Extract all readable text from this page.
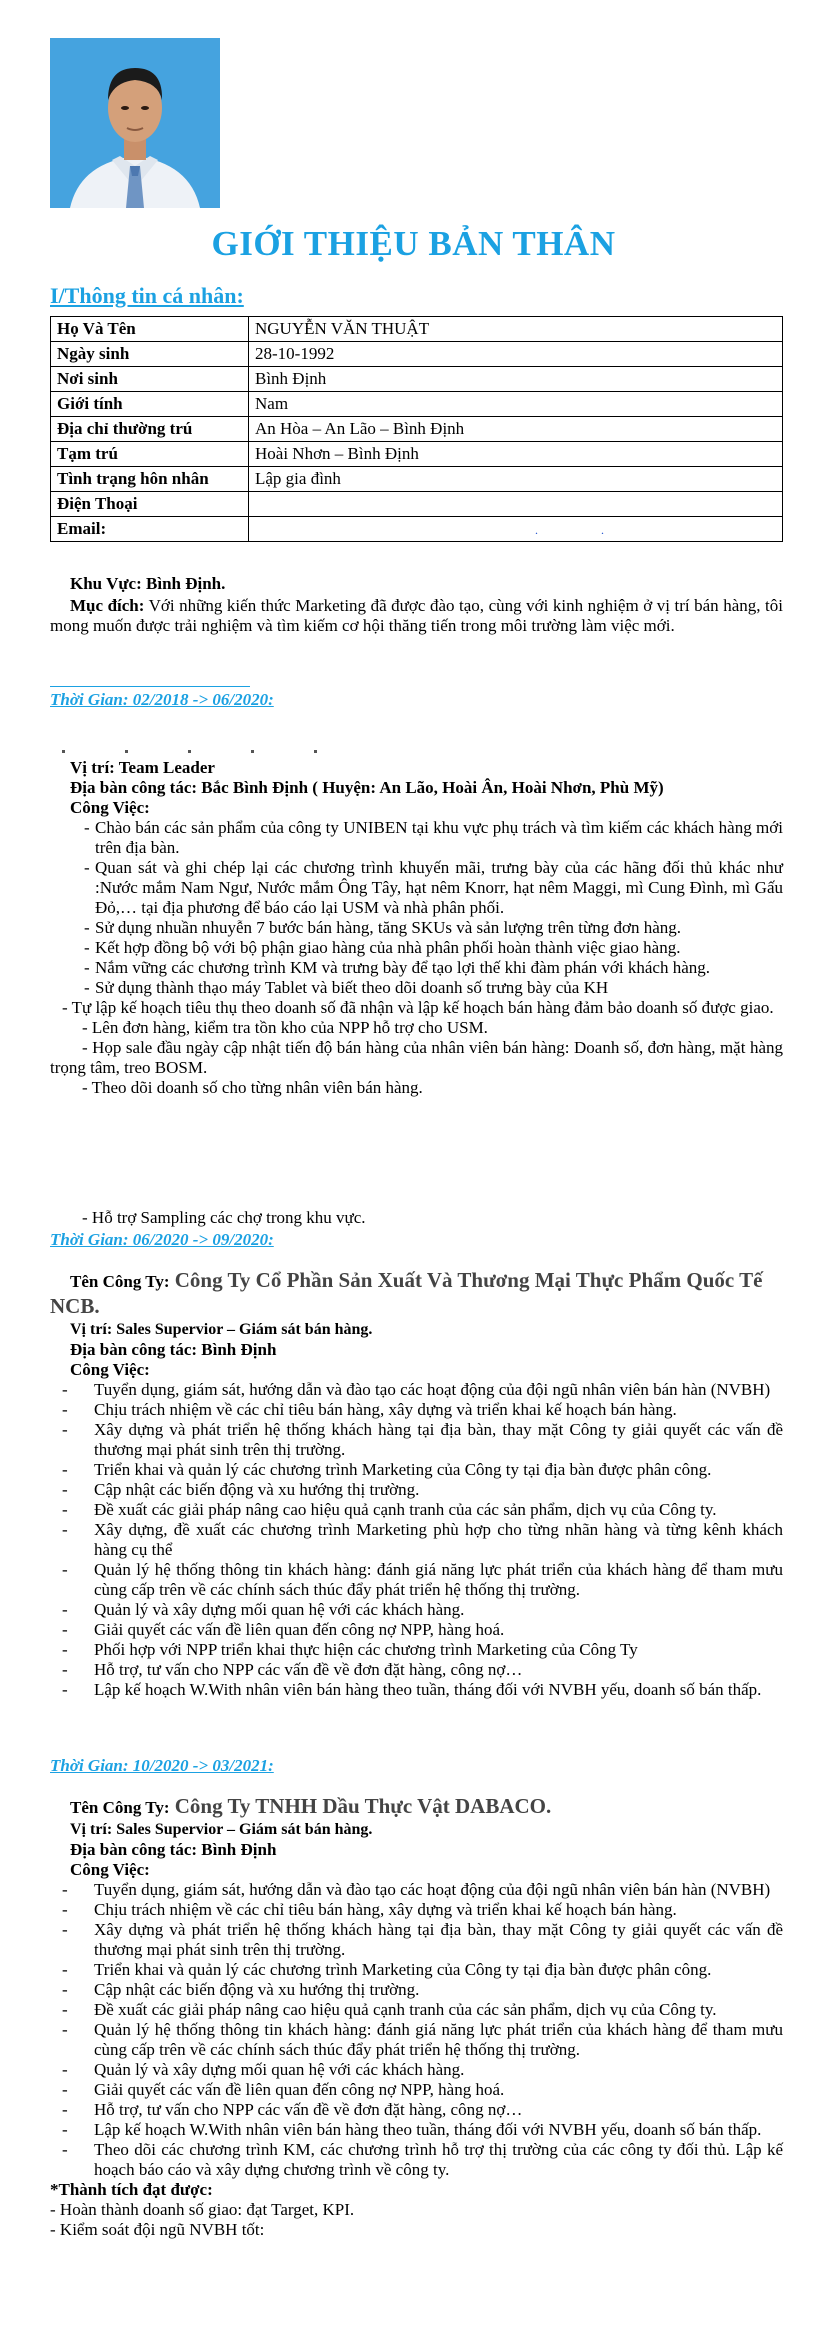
GIỚI THIỆU BẢN THÂN
I/Thông tin cá nhân:
Họ Và Tên	NGUYỄN VĂN THUẬT
Ngày sinh	28-10-1992
Nơi sinh	Bình Định
Giới tính	Nam
Địa chỉ thường trú	An Hòa – An Lão – Bình Định
Tạm trú	Hoài Nhơn – Bình Định
Tình trạng hôn nhân	Lập gia đình
Điện Thoại	
Email:	. .
Khu Vực: Bình Định.
Mục đích: Với những kiến thức Marketing đã được đào tạo, cùng với kinh nghiệm ở vị trí bán hàng, tôi mong muốn được trải nghiệm và tìm kiếm cơ hội thăng tiến trong môi trường làm việc mới.
Thời Gian: 02/2018 -> 06/2020:
Vị trí: Team Leader
Địa bàn công tác: Bắc Bình Định ( Huyện: An Lão, Hoài Ân, Hoài Nhơn, Phù Mỹ)
Công Việc:
- Chào bán các sản phẩm của công ty UNIBEN tại khu vực phụ trách và tìm kiếm các khách hàng mới trên địa bàn.
- Quan sát và ghi chép lại các chương trình khuyến mãi, trưng bày của các hãng đối thủ khác như :Nước mắm Nam Ngư, Nước mắm Ông Tây, hạt nêm Knorr, hạt nêm Maggi, mì Cung Đình, mì Gấu Đỏ,… tại địa phương để báo cáo lại USM và nhà phân phối.
- Sử dụng nhuần nhuyễn 7 bước bán hàng, tăng SKUs và sản lượng trên từng đơn hàng.
- Kết hợp đồng bộ với bộ phận giao hàng của nhà phân phối hoàn thành việc giao hàng.
- Nắm vững các chương trình KM và trưng bày để tạo lợi thế khi đàm phán với khách hàng.
- Sử dụng thành thạo máy Tablet và biết theo dõi doanh số trưng bày của KH
- Tự lập kế hoạch tiêu thụ theo doanh số đã nhận và lập kế hoạch bán hàng đảm bảo doanh số được giao.
- Lên đơn hàng, kiểm tra tồn kho của NPP hỗ trợ cho USM.
- Họp sale đầu ngày cập nhật tiến độ bán hàng của nhân viên bán hàng: Doanh số, đơn hàng, mặt hàng trọng tâm, treo BOSM.
- Theo dõi doanh số cho từng nhân viên bán hàng.
- Hỗ trợ Sampling các chợ trong khu vực.
Thời Gian: 06/2020 -> 09/2020:
Tên Công Ty: Công Ty Cổ Phần Sản Xuất Và Thương Mại Thực Phẩm Quốc Tế NCB.
Vị trí: Sales Supervior – Giám sát bán hàng.
Địa bàn công tác: Bình Định
Công Việc:
- Tuyển dụng, giám sát, hướng dẫn và đào tạo các hoạt động của đội ngũ nhân viên bán hàn (NVBH)
- Chịu trách nhiệm về các chỉ tiêu bán hàng, xây dựng và triển khai kế hoạch bán hàng.
- Xây dựng và phát triển hệ thống khách hàng tại địa bàn, thay mặt Công ty giải quyết các vấn đề thương mại phát sinh trên thị trường.
- Triển khai và quản lý các chương trình Marketing của Công ty tại địa bàn được phân công.
- Cập nhật các biến động và xu hướng thị trường.
- Đề xuất các giải pháp nâng cao hiệu quả cạnh tranh của các sản phẩm, dịch vụ của Công ty.
- Xây dựng, đề xuất các chương trình Marketing phù hợp cho từng nhãn hàng và từng kênh khách hàng cụ thể
- Quản lý hệ thống thông tin khách hàng: đánh giá năng lực phát triển của khách hàng để tham mưu cùng cấp trên về các chính sách thúc đẩy phát triển hệ thống thị trường.
- Quản lý và xây dựng mối quan hệ với các khách hàng.
- Giải quyết các vấn đề liên quan đến công nợ NPP, hàng hoá.
- Phối hợp với NPP triển khai thực hiện các chương trình Marketing của Công Ty
- Hỗ trợ, tư vấn cho NPP các vấn đề về đơn đặt hàng, công nợ…
- Lập kế hoạch W.With nhân viên bán hàng theo tuần, tháng đối với NVBH yếu, doanh số bán thấp.
Thời Gian: 10/2020 -> 03/2021:
Tên Công Ty: Công Ty TNHH Dầu Thực Vật DABACO.
Vị trí: Sales Supervior – Giám sát bán hàng.
Địa bàn công tác: Bình Định
Công Việc:
- Tuyển dụng, giám sát, hướng dẫn và đào tạo các hoạt động của đội ngũ nhân viên bán hàn (NVBH)
- Chịu trách nhiệm về các chỉ tiêu bán hàng, xây dựng và triển khai kế hoạch bán hàng.
- Xây dựng và phát triển hệ thống khách hàng tại địa bàn, thay mặt Công ty giải quyết các vấn đề thương mại phát sinh trên thị trường.
- Triển khai và quản lý các chương trình Marketing của Công ty tại địa bàn được phân công.
- Cập nhật các biến động và xu hướng thị trường.
- Đề xuất các giải pháp nâng cao hiệu quả cạnh tranh của các sản phẩm, dịch vụ của Công ty.
- Quản lý hệ thống thông tin khách hàng: đánh giá năng lực phát triển của khách hàng để tham mưu cùng cấp trên về các chính sách thúc đẩy phát triển hệ thống thị trường.
- Quản lý và xây dựng mối quan hệ với các khách hàng.
- Giải quyết các vấn đề liên quan đến công nợ NPP, hàng hoá.
- Hỗ trợ, tư vấn cho NPP các vấn đề về đơn đặt hàng, công nợ…
- Lập kế hoạch W.With nhân viên bán hàng theo tuần, tháng đối với NVBH yếu, doanh số bán thấp.
- Theo dõi các chương trình KM, các chương trình hỗ trợ thị trường của các công ty đối thủ. Lập kế hoạch báo cáo và xây dựng chương trình về công ty.
*Thành tích đạt được:
- Hoàn thành doanh số giao: đạt Target, KPI.
- Kiểm soát đội ngũ NVBH tốt:
